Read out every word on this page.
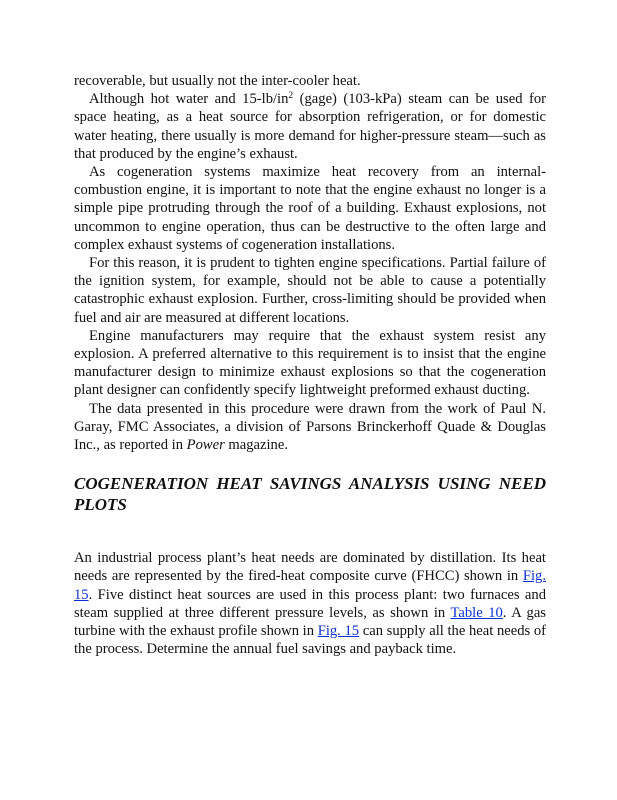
recoverable, but usually not the inter-cooler heat.

Although hot water and $15-lb/in^2$ (gage) (103-kPa) steam can be used for space heating, as a heat source for absorption refrigeration, or for domestic water heating, there usually is more demand for higher-pressure steam—such as that produced by the engine’s exhaust.

As cogeneration systems maximize heat recovery from an internal-combustion engine, it is important to note that the engine exhaust no longer is a simple pipe protruding through the roof of a building. Exhaust explosions, not uncommon to engine operation, thus can be destructive to the often large and complex exhaust systems of cogeneration installations.

For this reason, it is prudent to tighten engine specifications. Partial failure of the ignition system, for example, should not be able to cause a potentially catastrophic exhaust explosion. Further, cross-limiting should be provided when fuel and air are measured at different locations.

Engine manufacturers may require that the exhaust system resist any explosion. A preferred alternative to this requirement is to insist that the engine manufacturer design to minimize exhaust explosions so that the cogeneration plant designer can confidently specify lightweight preformed exhaust ducting.

The data presented in this procedure were drawn from the work of Paul N. Garay, FMC Associates, a division of Parsons Brinckerhoff Quade & Douglas Inc., as reported in Power magazine.

COGENERATION HEAT SAVINGS ANALYSIS USING NEED PLOTS

An industrial process plant’s heat needs are dominated by distillation. Its heat needs are represented by the fired-heat composite curve (FHCC) shown in Fig. 15. Five distinct heat sources are used in this process plant: two furnaces and steam supplied at three different pressure levels, as shown in Table 10. A gas turbine with the exhaust profile shown in Fig. 15 can supply all the heat needs of the process. Determine the annual fuel savings and payback time.
